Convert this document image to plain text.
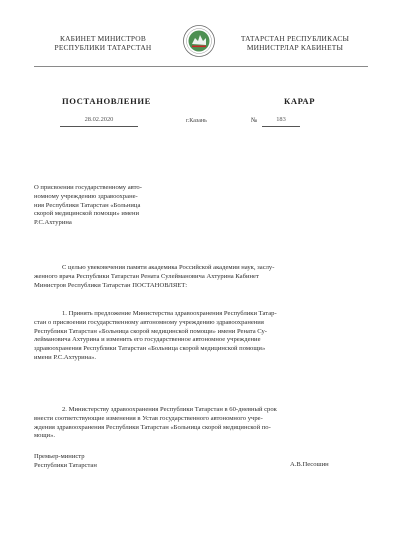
КАБИНЕТ МИНИСТРОВ
РЕСПУБЛИКИ ТАТАРСТАН
ТАТАРСТАН РЕСПУБЛИКАСЫ
МИНИСТРЛАР КАБИНЕТЫ
ПОСТАНОВЛЕНИЕ	КАРАР
28.02.2020	г.Казань	№	183
О присвоении государственному авто-
номному учреждению здравоохране-
ния Республики Татарстан «Больница
скорой медицинской помощи» имени
Р.С.Ахтурина
С целью увековечения памяти академика Российской академии наук, заслу-
женного врача Республики Татарстан Рената Сулеймановича Ахтурина Кабинет
Министров Республики Татарстан ПОСТАНОВЛЯЕТ:
1. Принять предложение Министерства здравоохранения Республики Татар-
стан о присвоении государственному автономному учреждению здравоохранения
Республики Татарстан «Больница скорой медицинской помощи» имени Рената Су-
леймановича Ахтурина и изменить его государственное автономное учреждение
здравоохранения Республики Татарстан «Больница скорой медицинской помощи»
имени Р.С.Ахтурина».
2. Министерству здравоохранения Республики Татарстан в 60-дневный срок
внести соответствующие изменения в Устав государственного автономного учре-
ждения здравоохранения Республики Татарстан «Больница скорой медицинской по-
мощи».
Премьер-министр
Республики Татарстан	А.В.Песошин
